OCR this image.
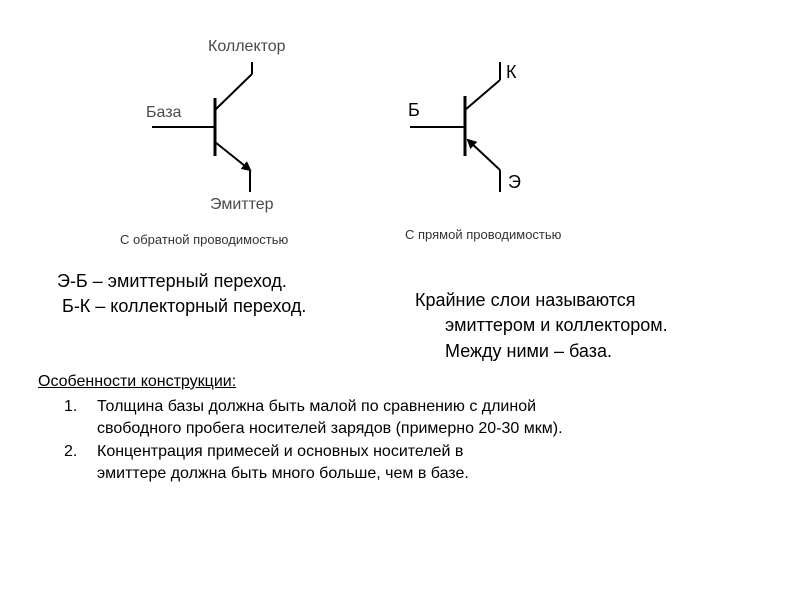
Коллектор
База
Эмиттер
С обратной проводимостью
К
Б
Э
С прямой проводимостью
Э-Б – эмиттерный переход.
Б-К – коллекторный переход.	Крайние слои называются
эмиттером и коллектором.
Между ними – база.
Особенности конструкции:
1. Толщина базы должна быть малой по сравнению с длиной
свободного пробега носителей зарядов (примерно 20-30 мкм).
2. Концентрация примесей и основных носителей в
эмиттере должна быть много больше, чем в базе.
